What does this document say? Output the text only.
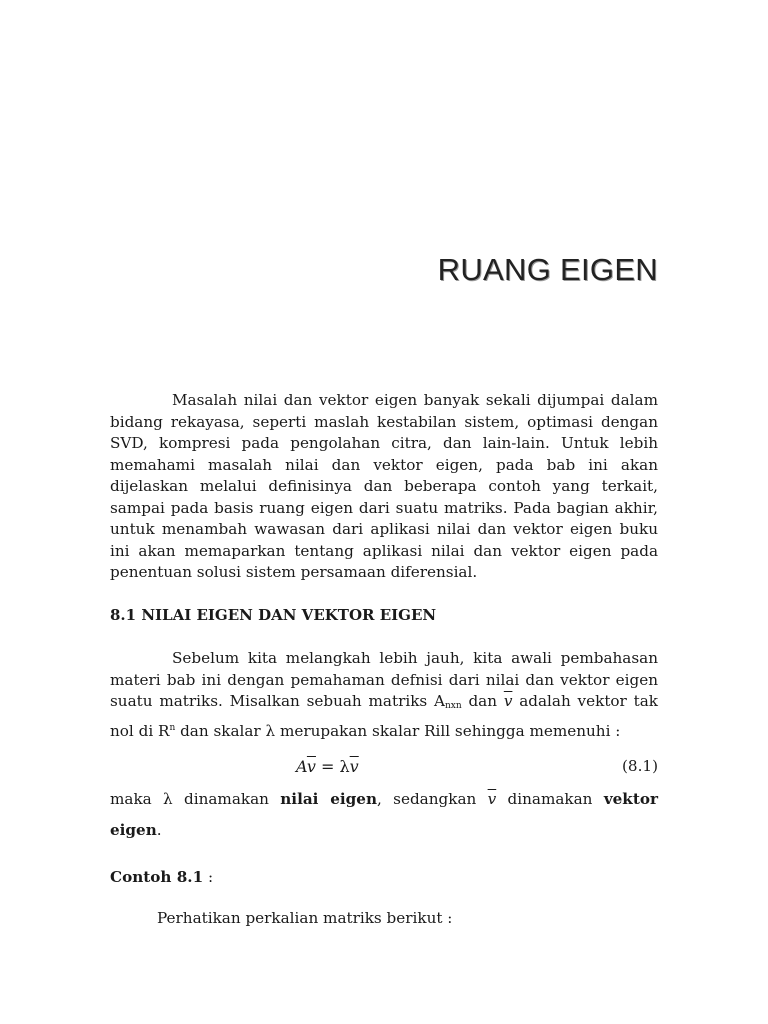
RUANG EIGEN

Masalah nilai dan vektor eigen banyak sekali dijumpai dalam bidang rekayasa, seperti maslah kestabilan sistem, optimasi dengan SVD, kompresi pada pengolahan citra, dan lain-lain. Untuk lebih memahami masalah nilai dan vektor eigen, pada bab ini akan dijelaskan melalui definisinya dan beberapa contoh yang terkait, sampai pada basis ruang eigen dari suatu matriks. Pada bagian akhir, untuk menambah wawasan dari aplikasi nilai dan vektor eigen buku ini akan memaparkan tentang aplikasi nilai dan vektor eigen pada penentuan solusi sistem persamaan diferensial.

8.1 NILAI EIGEN DAN VEKTOR EIGEN

Sebelum kita melangkah lebih jauh, kita awali pembahasan materi bab ini dengan pemahaman defnisi dari nilai dan vektor eigen suatu matriks. Misalkan sebuah matriks $A_{nxn}$ dan $\overline{v}$ adalah vektor tak nol di $R^n$ dan skalar λ merupakan skalar Rill sehingga memenuhi :

$A\overline{v} = \lambda\overline{v}$	(8.1)

maka λ dinamakan nilai eigen, sedangkan $\overline{v}$ dinamakan vektor eigen.

Contoh 8.1 :
Perhatikan perkalian matriks berikut :
